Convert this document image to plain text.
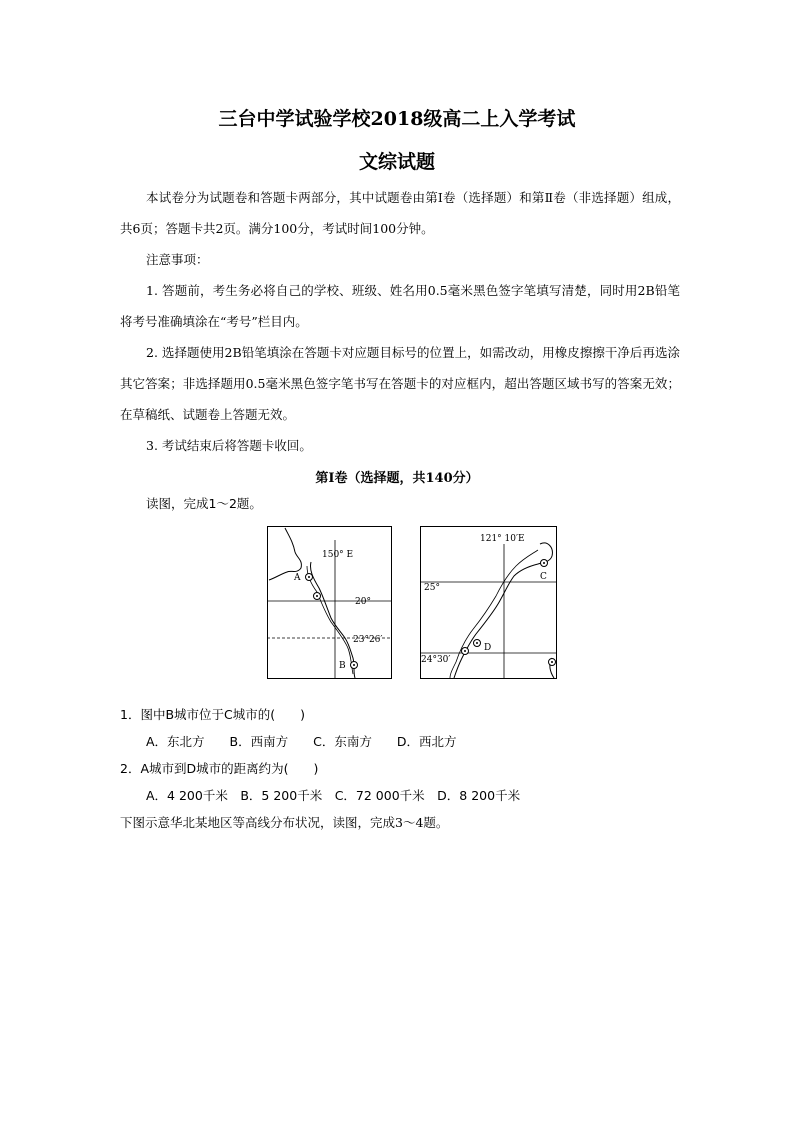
三台中学试验学校2018级高二上入学考试
文综试题
本试卷分为试题卷和答题卡两部分，其中试题卷由第Ⅰ卷（选择题）和第Ⅱ卷（非选择题）组成，共6页；答题卡共2页。满分100分，考试时间100分钟。
注意事项：
1. 答题前，考生务必将自己的学校、班级、姓名用0.5毫米黑色签字笔填写清楚，同时用2B铅笔将考号准确填涂在“考号”栏目内。
2. 选择题使用2B铅笔填涂在答题卡对应题目标号的位置上，如需改动，用橡皮擦擦干净后再选涂其它答案；非选择题用0.5毫米黑色签字笔书写在答题卡的对应框内，超出答题区域书写的答案无效；在草稿纸、试题卷上答题无效。
3. 考试结束后将答题卡收回。
第Ⅰ卷（选择题，共140分）
读图，完成1～2题。
150° E
20°
23°26′
A
B
121° 10′E
25°
24°30′
C
D
1．图中B城市位于C城市的(　　)
A．东北方　　B．西南方　　C．东南方　　D．西北方
2．A城市到D城市的距离约为(　　)
A．4 200千米　B．5 200千米　C．72 000千米　D．8 200千米
下图示意华北某地区等高线分布状况，读图，完成3～4题。
